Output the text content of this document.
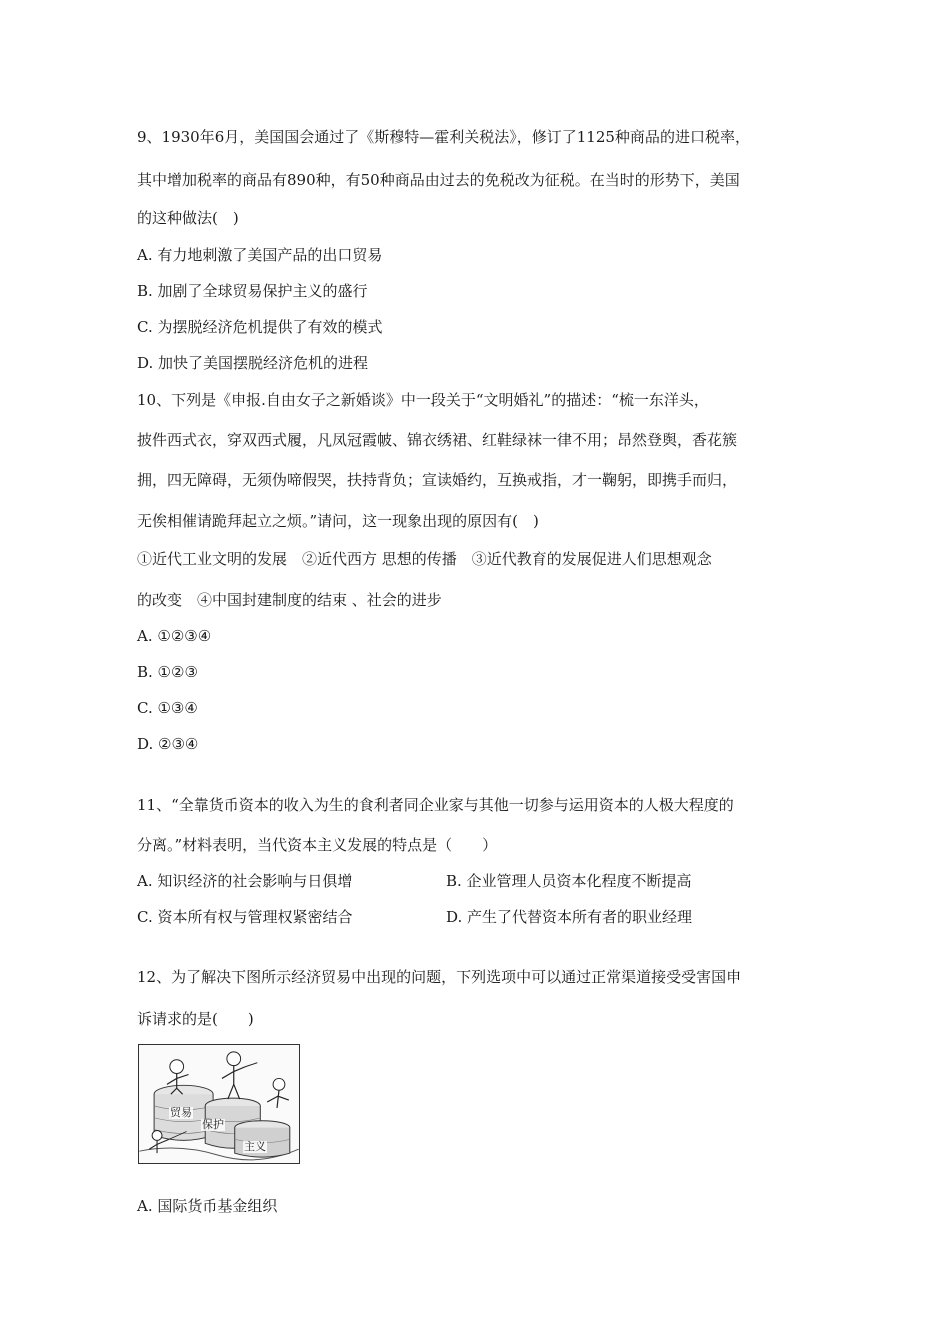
9、1930年6月，美国国会通过了《斯穆特—霍利关税法》，修订了1125种商品的进口税率，
其中增加税率的商品有890种，有50种商品由过去的免税改为征税。在当时的形势下，美国
的这种做法(　)
A. 有力地刺激了美国产品的出口贸易
B. 加剧了全球贸易保护主义的盛行
C. 为摆脱经济危机提供了有效的模式
D. 加快了美国摆脱经济危机的进程
10、下列是《申报.自由女子之新婚谈》中一段关于“文明婚礼”的描述：“梳一东洋头，
披件西式衣，穿双西式履，凡凤冠霞帔、锦衣绣裙、红鞋绿袜一律不用；昂然登舆，香花簇
拥，四无障碍，无须伪啼假哭，扶持背负；宣读婚约，互换戒指，才一鞠躬，即携手而归，
无俟相催请跪拜起立之烦。”请问，这一现象出现的原因有(　)
①近代工业文明的发展　②近代西方 思想的传播　③近代教育的发展促进人们思想观念
的改变　④中国封建制度的结束 、社会的进步
A. ①②③④
B. ①②③
C. ①③④
D. ②③④
11、“全靠货币资本的收入为生的食利者同企业家与其他一切参与运用资本的人极大程度的
分离。”材料表明，当代资本主义发展的特点是（　　）
A. 知识经济的社会影响与日俱增	B. 企业管理人员资本化程度不断提高
C. 资本所有权与管理权紧密结合	D. 产生了代替资本所有者的职业经理
12、为了解决下图所示经济贸易中出现的问题，下列选项中可以通过正常渠道接受受害国申
诉请求的是(　　)
贸易
保护
主义
A. 国际货币基金组织
